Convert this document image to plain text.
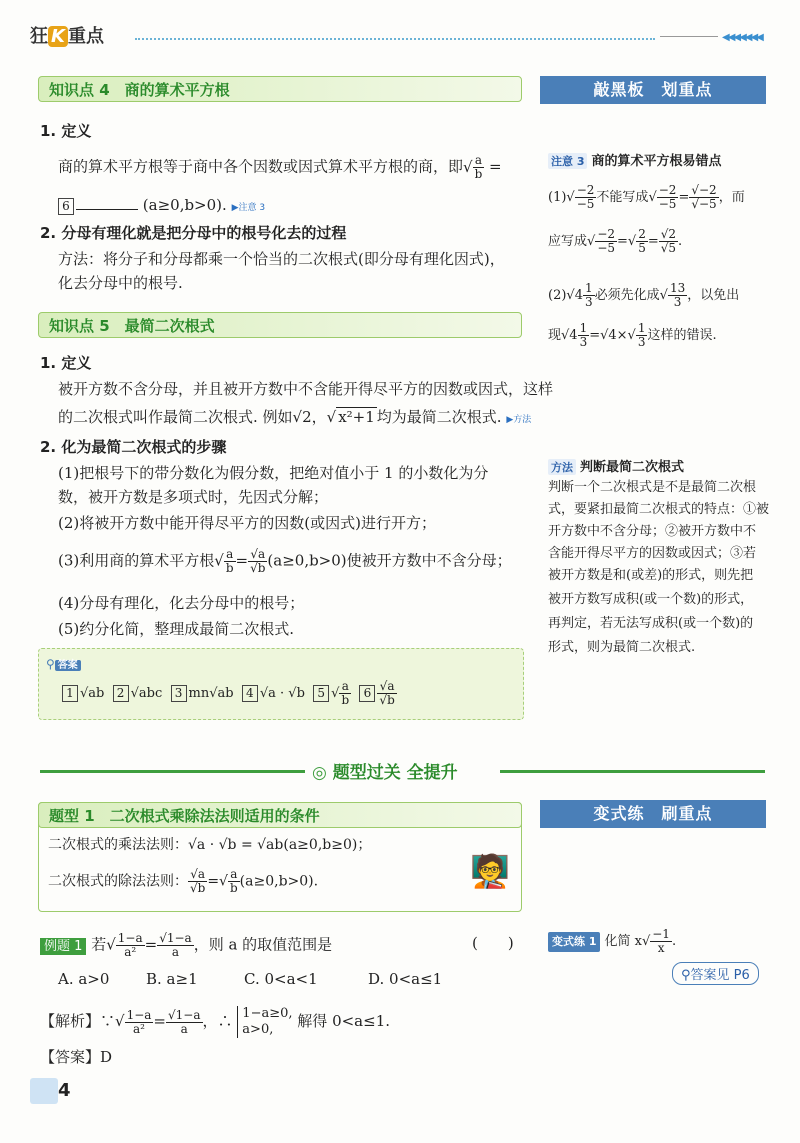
狂 K 重点	◀◀◀◀◀◀◀
知识点 4　商的算术平方根
1. 定义
商的算术平方根等于商中各个因数或因式算术平方根的商，即√ $\frac{a}{b}$ =
6	(a≥0,b>0). ▶注意 3
2. 分母有理化就是把分母中的根号化去的过程
方法：将分子和分母都乘一个恰当的二次根式(即分母有理化因式)，
化去分母中的根号.
知识点 5　最简二次根式
1. 定义
被开方数不含分母，并且被开方数中不含能开得尽平方的因数或因式，这样
的二次根式叫作最简二次根式. 例如√2，√ x²+1 均为最简二次根式. ▶方法
2. 化为最简二次根式的步骤
(1)把根号下的带分数化为假分数，把绝对值小于 1 的小数化为分
数，被开方数是多项式时，先因式分解；
(2)将被开方数中能开得尽平方的因数(或因式)进行开方；
(3)利用商的算术平方根√ $\frac{a}{b} = \frac{√a}{√b} (a\ge 0,b>0)$使被开方数中不含分母；
(4)分母有理化，化去分母中的根号；
(5)约分化简，整理成最简二次根式.
⚲ 答案
1 √ab 2 √abc 3 mn√ab 4 √a · √b 5 √ $\frac{a}{b} 6 \frac{√a}{√b}$
敲黑板　划重点
注意 3 商的算术平方根易错点
$(1)√ \frac{-2}{-5}$ 不能写成√ $\frac{-2}{-5} = \frac{√-2}{√-5}$ ，而
应写成√ $\frac{-2}{-5}$ =√ $\frac{2}{5} = \frac{√2}{√5}$ .
$(2)√4 \frac{1}{3}$ 必须先化成√ $\frac{13}{3}$ ，以免出
现$√4 \frac{1}{3} =√4\times√ \frac{1}{3}$ 这样的错误.
方法 判断最简二次根式
判断一个二次根式是不是最简二次根
式，要紧扣最简二次根式的特点：①被
开方数中不含分母；②被开方数中不
含能开得尽平方的因数或因式；③若
被开方数是和(或差)的形式，则先把
被开方数写成积(或一个数)的形式，
再判定，若无法写成积(或一个数)的
形式，则为最简二次根式.
◎ 题型过关 全提升
题型 1　二次根式乘除法法则适用的条件
二次根式的乘法法则：√a · √b = √ab(a≥0,b≥0)；
二次根式的除法法则： $\frac{√a}{√b}$ =√ $\frac{a}{b} (a\ge 0,b>0)$.	🧑‍🏫
例题 1 若√ $\frac{1-a}{\text{a²}} = \frac{√1-a}{a}$ ，则 a 的取值范围是	(　　)
A. a>0 B. a≥1	C. 0<a<1	D. 0<a≤1
【解析】∵√ $\frac{1-a}{\text{a²}} = \frac{√1-a}{a}$ ，∴ 1−a≥0,
a>0,	解得 0<a≤1.
【答案】D
变式练　刷重点
变式练 1 化简 $x√ \frac{-1}{x}$ .
⚲答案见 P6
4
